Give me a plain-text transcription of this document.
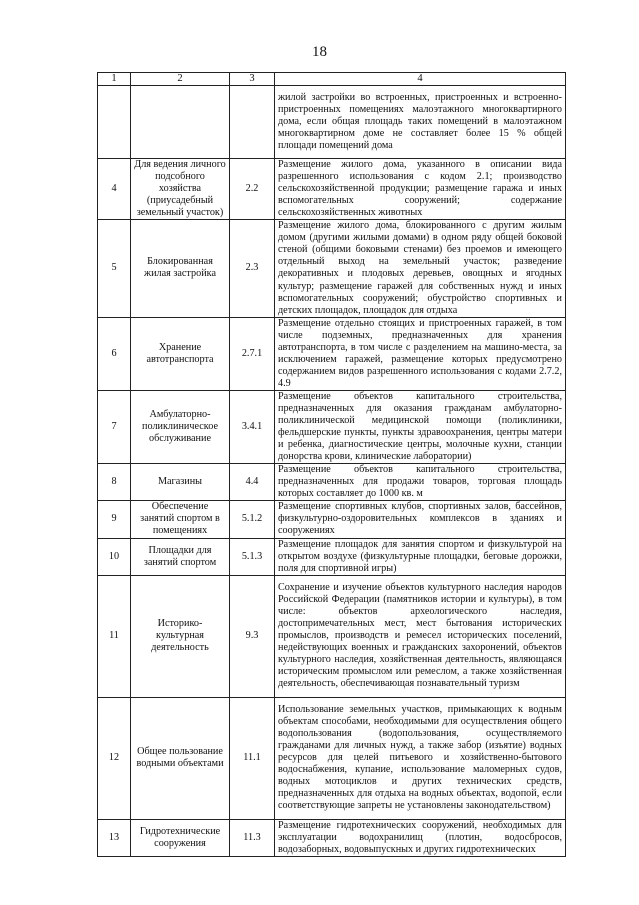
18
1	2	3	4
			жилой застройки во встроенных, пристроенных и встроенно-пристроенных помещениях малоэтажного многоквартирного дома, если общая площадь таких помещений в малоэтажном многоквартирном доме не составляет более 15 % общей площади помещений дома
4	Для ведения личного подсобного хозяйства (приусадебный земельный участок)	2.2	Размещение жилого дома, указанного в описании вида разрешенного использования с кодом 2.1; производство сельскохозяйственной продукции; размещение гаража и иных вспомогательных сооружений; содержание сельскохозяйственных животных
5	Блокированная жилая застройка	2.3	Размещение жилого дома, блокированного с другим жилым домом (другими жилыми домами) в одном ряду общей боковой стеной (общими боковыми стенами) без проемов и имеющего отдельный выход на земельный участок; разведение декоративных и плодовых деревьев, овощных и ягодных культур; размещение гаражей для собственных нужд и иных вспомогательных сооружений; обустройство спортивных и детских площадок, площадок для отдыха
6	Хранение автотранспорта	2.7.1	Размещение отдельно стоящих и пристроенных гаражей, в том числе подземных, предназначенных для хранения автотранспорта, в том числе с разделением на машино-места, за исключением гаражей, размещение которых предусмотрено содержанием видов разрешенного использования с кодами 2.7.2, 4.9
7	Амбулаторно-поликлиническое обслуживание	3.4.1	Размещение объектов капитального строительства, предназначенных для оказания гражданам амбулаторно-поликлинической медицинской помощи (поликлиники, фельдшерские пункты, пункты здравоохранения, центры матери и ребенка, диагностические центры, молочные кухни, станции донорства крови, клинические лаборатории)
8	Магазины	4.4	Размещение объектов капитального строительства, предназначенных для продажи товаров, торговая площадь которых составляет до 1000 кв. м
9	Обеспечение занятий спортом в помещениях	5.1.2	Размещение спортивных клубов, спортивных залов, бассейнов, физкультурно-оздоровительных комплексов в зданиях и сооружениях
10	Площадки для занятий спортом	5.1.3	Размещение площадок для занятия спортом и физкультурой на открытом воздухе (физкультурные площадки, беговые дорожки, поля для спортивной игры)
11	Историко-культурная деятельность	9.3	Сохранение и изучение объектов культурного наследия народов Российской Федерации (памятников истории и культуры), в том числе: объектов археологического наследия, достопримечательных мест, мест бытования исторических промыслов, производств и ремесел исторических поселений, недействующих военных и гражданских захоронений, объектов культурного наследия, хозяйственная деятельность, являющаяся историческим промыслом или ремеслом, а также хозяйственная деятельность, обеспечивающая познавательный туризм
12	Общее пользование водными объектами	11.1	Использование земельных участков, примыкающих к водным объектам способами, необходимыми для осуществления общего водопользования (водопользования, осуществляемого гражданами для личных нужд, а также забор (изъятие) водных ресурсов для целей питьевого и хозяйственно-бытового водоснабжения, купание, использование маломерных судов, водных мотоциклов и других технических средств, предназначенных для отдыха на водных объектах, водопой, если соответствующие запреты не установлены законодательством)
13	Гидротехнические сооружения	11.3	Размещение гидротехнических сооружений, необходимых для эксплуатации водохранилищ (плотин, водосбросов, водозаборных, водовыпускных и других гидротехнических
